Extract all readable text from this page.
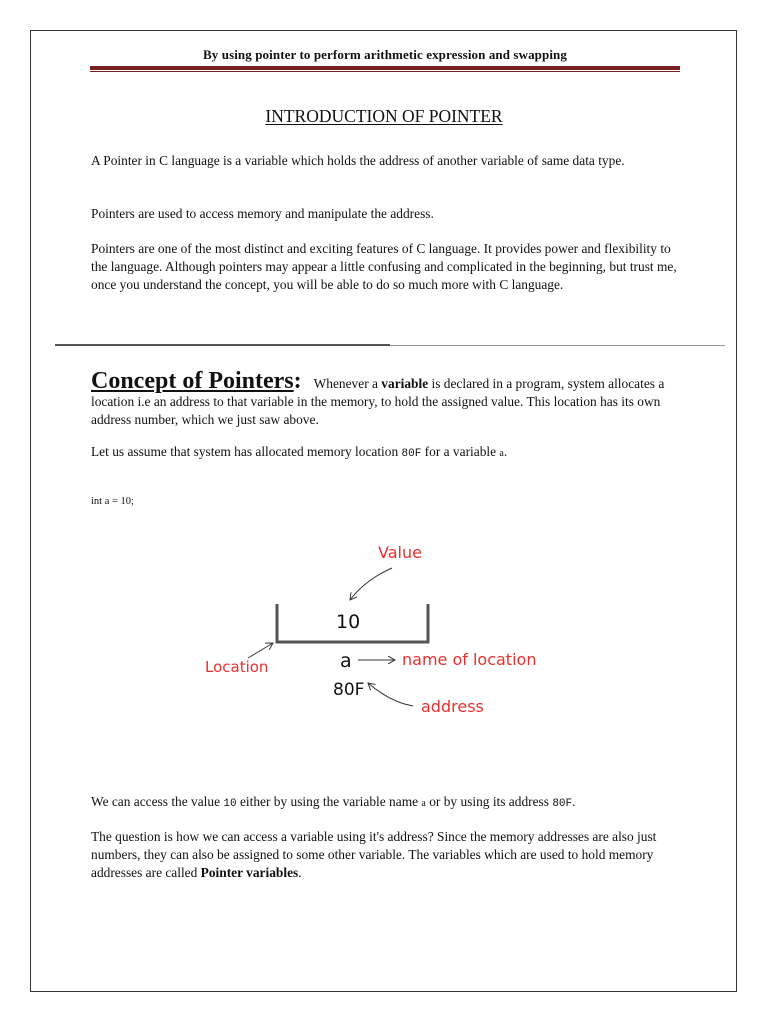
By using pointer to perform arithmetic expression and swapping
INTRODUCTION OF POINTER

A Pointer in C language is a variable which holds the address of another variable of same data type.

Pointers are used to access memory and manipulate the address.

Pointers are one of the most distinct and exciting features of C language. It provides power and flexibility to the language. Although pointers may appear a little confusing and complicated in the beginning, but trust me, once you understand the concept, you will be able to do so much more with C language.

Concept of Pointers: Whenever a variable is declared in a program, system allocates a location i.e an address to that variable in the memory, to hold the assigned value. This location has its own address number, which we just saw above.
Let us assume that system has allocated memory location 80F for a variable a.
int a = 10;
Value
10
Location	a	name of location
80F
address

We can access the value 10 either by using the variable name a or by using its address 80F.

The question is how we can access a variable using it's address? Since the memory addresses are also just numbers, they can also be assigned to some other variable. The variables which are used to hold memory addresses are called Pointer variables.
